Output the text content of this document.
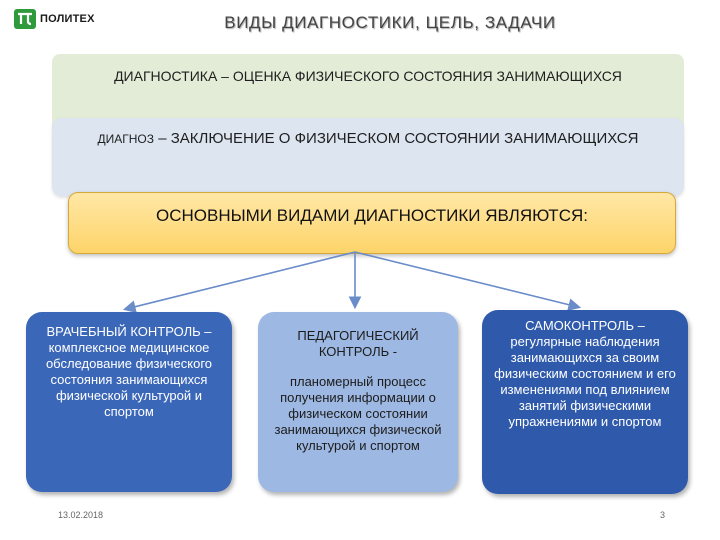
ПОЛИТЕХ	ВИДЫ ДИАГНОСТИКИ, ЦЕЛЬ, ЗАДАЧИ
ДИАГНОСТИКА – ОЦЕНКА ФИЗИЧЕСКОГО СОСТОЯНИЯ ЗАНИМАЮЩИХСЯ
ДИАГНОЗ – ЗАКЛЮЧЕНИЕ О ФИЗИЧЕСКОМ СОСТОЯНИИ ЗАНИМАЮЩИХСЯ
ОСНОВНЫМИ ВИДАМИ ДИАГНОСТИКИ ЯВЛЯЮТСЯ:
ВРАЧЕБНЫЙ КОНТРОЛЬ –
комплексное медицинское обследование физического состояния занимающихся физической культурой и спортом
ПЕДАГОГИЧЕСКИЙ КОНТРОЛЬ -
планомерный процесс получения информации о физическом состоянии занимающихся физической культурой и спортом
САМОКОНТРОЛЬ –
регулярные наблюдения занимающихся за своим физическим состоянием и его изменениями под влиянием занятий физическими упражнениями и спортом
13.02.2018	3
